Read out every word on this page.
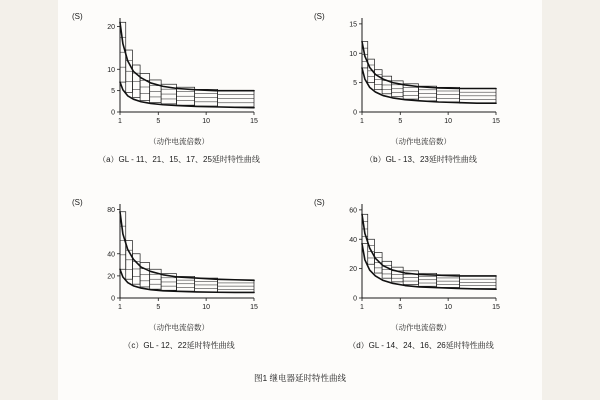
(S)
0
5
10
20
1	5	10	15
（动作电流倍数）
（a）GL - 11、21、15、17、25延时特性曲线
(S)
0
5
10
15
1	5	10	15
（动作电流倍数）
（b）GL - 13、23延时特性曲线
(S)
0
20
40
80
1	5	10	15
（动作电流倍数）
（c）GL - 12、22延时特性曲线
(S)
0
20
40
60
1	5	10	15
（动作电流倍数）
（d）GL - 14、24、16、26延时特性曲线
图1 继电器延时特性曲线
